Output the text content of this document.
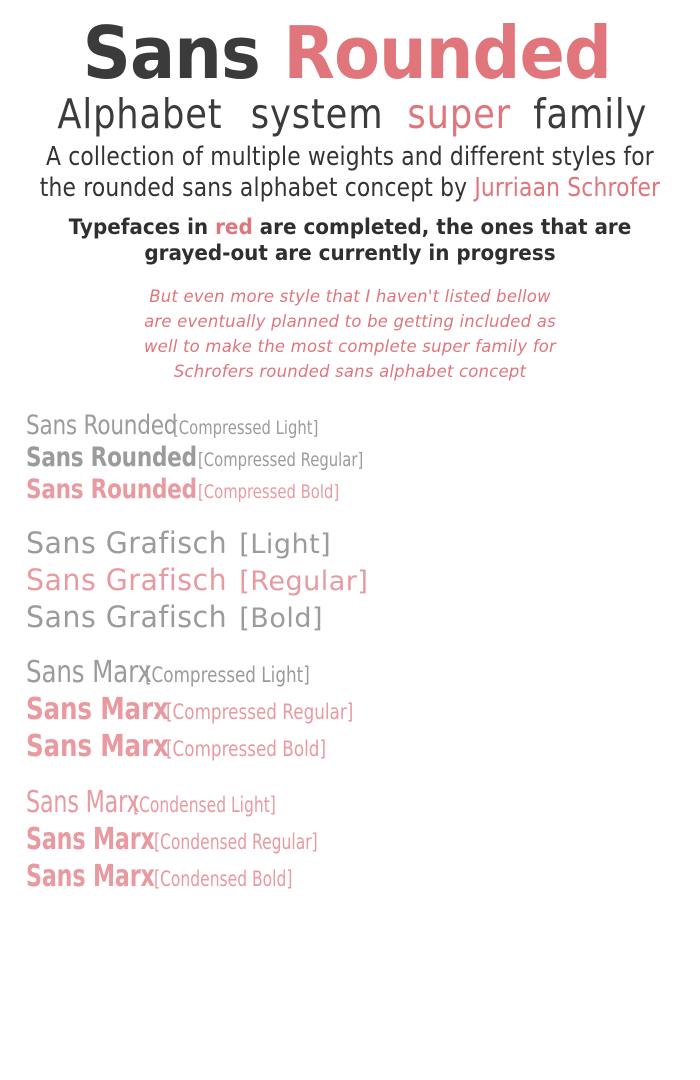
Sans Rounded
Alphabet system super family
A collection of multiple weights and different styles for
the rounded sans alphabet concept by Jurriaan Schrofer
Typefaces in red are completed, the ones that are
grayed-out are currently in progress
But even more style that I haven't listed bellow
are eventually planned to be getting included as
well to make the most complete super family for
Schrofers rounded sans alphabet concept
Sans Rounded[Compressed Light]
Sans Rounded[Compressed Regular]
Sans Rounded[Compressed Bold]
Sans Grafisch [Light]
Sans Grafisch [Regular]
Sans Grafisch [Bold]
Sans Marx[Compressed Light]
Sans Marx[Compressed Regular]
Sans Marx[Compressed Bold]
Sans Marx[Condensed Light]
Sans Marx[Condensed Regular]
Sans Marx[Condensed Bold]
